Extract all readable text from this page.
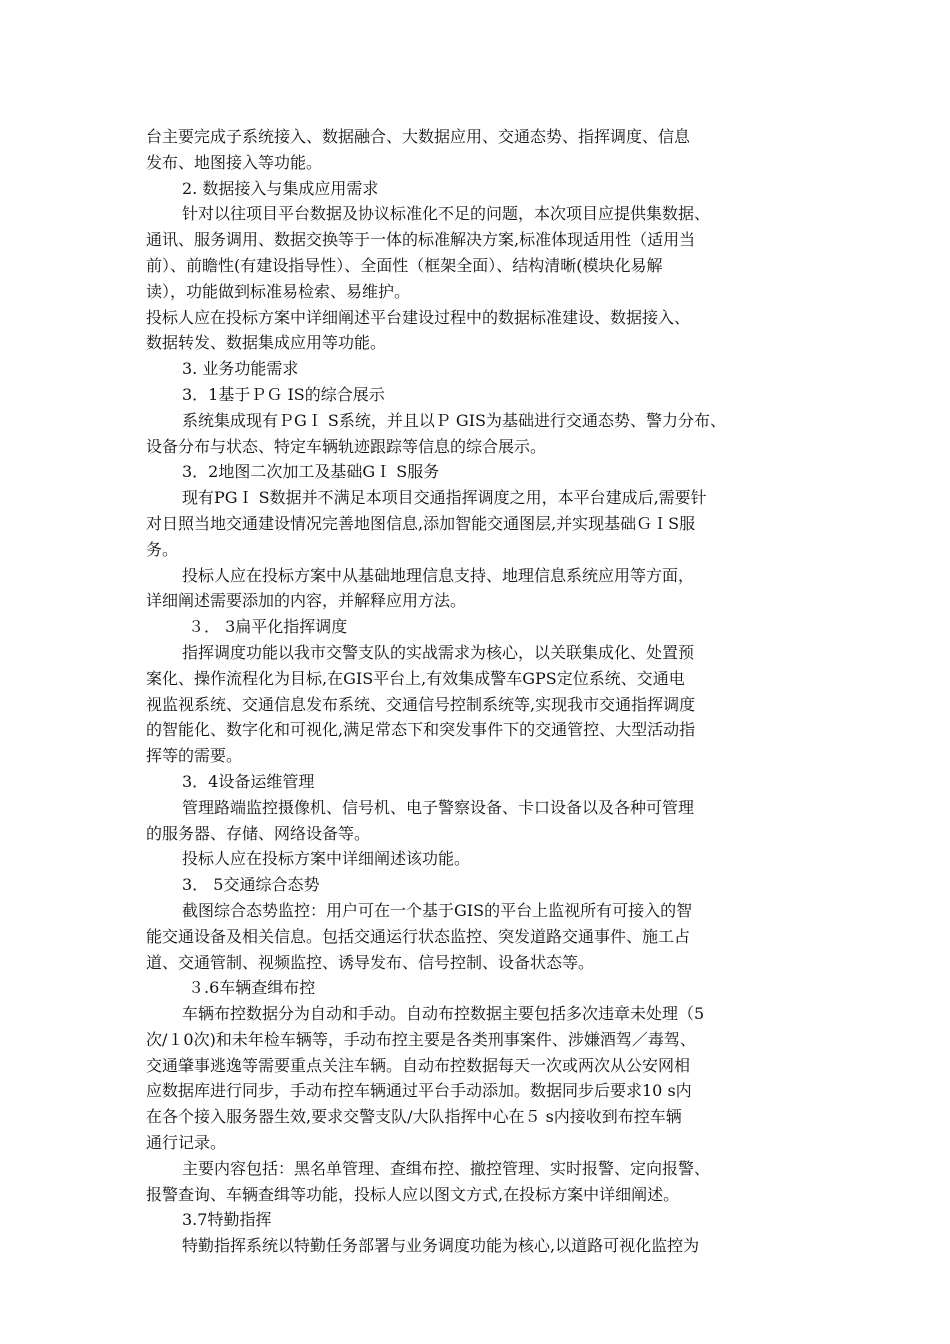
台主要完成子系统接入、数据融合、大数据应用、交通态势、指挥调度、信息
发布、地图接入等功能。
2. 数据接入与集成应用需求
针对以往项目平台数据及协议标准化不足的问题，本次项目应提供集数据、
通讯、服务调用、数据交换等于一体的标准解决方案,标准体现适用性（适用当
前）、前瞻性(有建设指导性）、全面性（框架全面）、结构清晰(模块化易解
读），功能做到标准易检索、易维护。
投标人应在投标方案中详细阐述平台建设过程中的数据标准建设、数据接入、
数据转发、数据集成应用等功能。
3. 业务功能需求
3．1基于ＰＧ IS的综合展示
系统集成现有ＰGＩ S系统，并且以Ｐ GIS为基础进行交通态势、警力分布、
设备分布与状态、特定车辆轨迹跟踪等信息的综合展示。
3．2地图二次加工及基础GＩ S服务
现有PGＩ S数据并不满足本项目交通指挥调度之用，本平台建成后,需要针
对日照当地交通建设情况完善地图信息,添加智能交通图层,并实现基础ＧＩS服
务。
投标人应在投标方案中从基础地理信息支持、地理信息系统应用等方面，
详细阐述需要添加的内容，并解释应用方法。
３． 3扁平化指挥调度
指挥调度功能以我市交警支队的实战需求为核心，以关联集成化、处置预
案化、操作流程化为目标,在GIS平台上,有效集成警车GPS定位系统、交通电
视监视系统、交通信息发布系统、交通信号控制系统等,实现我市交通指挥调度
的智能化、数字化和可视化,满足常态下和突发事件下的交通管控、大型活动指
挥等的需要。
3．4设备运维管理
管理路端监控摄像机、信号机、电子警察设备、卡口设备以及各种可管理
的服务器、存储、网络设备等。
投标人应在投标方案中详细阐述该功能。
3． 5交通综合态势
截图综合态势监控：用户可在一个基于GIS的平台上监视所有可接入的智
能交通设备及相关信息。包括交通运行状态监控、突发道路交通事件、施工占
道、交通管制、视频监控、诱导发布、信号控制、设备状态等。
３.6车辆查缉布控
车辆布控数据分为自动和手动。自动布控数据主要包括多次违章未处理（5
次/１0次)和未年检车辆等，手动布控主要是各类刑事案件、涉嫌酒驾／毒驾、
交通肇事逃逸等需要重点关注车辆。自动布控数据每天一次或两次从公安网相
应数据库进行同步，手动布控车辆通过平台手动添加。数据同步后要求10 s内
在各个接入服务器生效,要求交警支队/大队指挥中心在５ s内接收到布控车辆
通行记录。
主要内容包括：黑名单管理、查缉布控、撤控管理、实时报警、定向报警、
报警查询、车辆查缉等功能，投标人应以图文方式,在投标方案中详细阐述。
3.7特勤指挥
特勤指挥系统以特勤任务部署与业务调度功能为核心,以道路可视化监控为
